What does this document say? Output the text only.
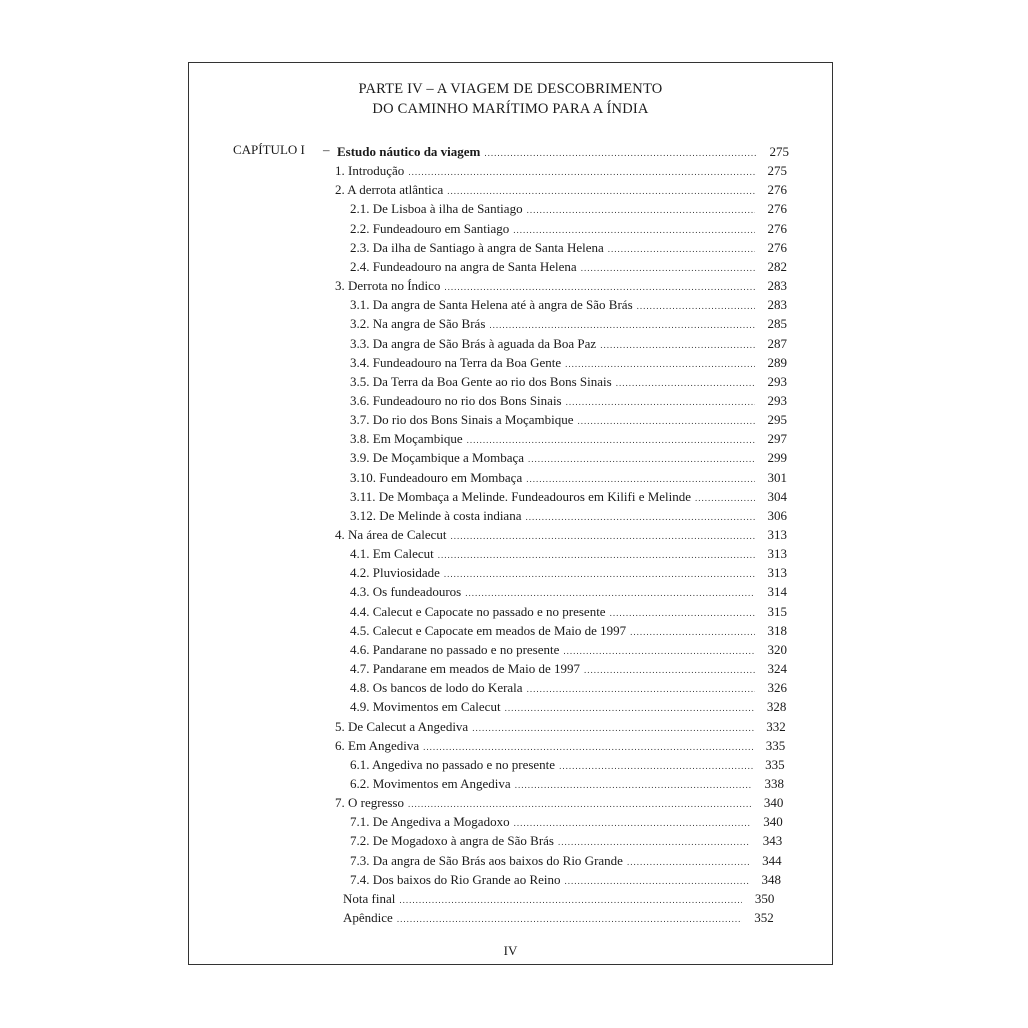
PARTE IV – A VIAGEM DE DESCOBRIMENTO
DO CAMINHO MARÍTIMO PARA A ÍNDIA
CAPÍTULO I – Estudo náutico da viagem .....	275
1. Introdução .....	275
2. A derrota atlântica .....	276
2.1. De Lisboa à ilha de Santiago .....	276
2.2. Fundeadouro em Santiago .....	276
2.3. Da ilha de Santiago à angra de Santa Helena .....	276
2.4. Fundeadouro na angra de Santa Helena .....	282
3. Derrota no Índico .....	283
3.1. Da angra de Santa Helena até à angra de São Brás .....	283
3.2. Na angra de São Brás .....	285
3.3. Da angra de São Brás à aguada da Boa Paz .....	287
3.4. Fundeadouro na Terra da Boa Gente .....	289
3.5. Da Terra da Boa Gente ao rio dos Bons Sinais .....	293
3.6. Fundeadouro no rio dos Bons Sinais .....	293
3.7. Do rio dos Bons Sinais a Moçambique .....	295
3.8. Em Moçambique .....	297
3.9. De Moçambique a Mombaça .....	299
3.10. Fundeadouro em Mombaça .....	301
3.11. De Mombaça a Melinde. Fundeadouros em Kilifi e Melinde .....	304
3.12. De Melinde à costa indiana .....	306
4. Na área de Calecut .....	313
4.1. Em Calecut .....	313
4.2. Pluviosidade .....	313
4.3. Os fundeadouros .....	314
4.4. Calecut e Capocate no passado e no presente .....	315
4.5. Calecut e Capocate em meados de Maio de 1997 .....	318
4.6. Pandarane no passado e no presente .....	320
4.7. Pandarane em meados de Maio de 1997 .....	324
4.8. Os bancos de lodo do Kerala .....	326
4.9. Movimentos em Calecut .....	328
5. De Calecut a Angediva .....	332
6. Em Angediva .....	335
6.1. Angediva no passado e no presente .....	335
6.2. Movimentos em Angediva .....	338
7. O regresso .....	340
7.1. De Angediva a Mogadoxo .....	340
7.2. De Mogadoxo à angra de São Brás .....	343
7.3. Da angra de São Brás aos baixos do Rio Grande .....	344
7.4. Dos baixos do Rio Grande ao Reino .....	348
Nota final .....	350
Apêndice .....	352
IV
